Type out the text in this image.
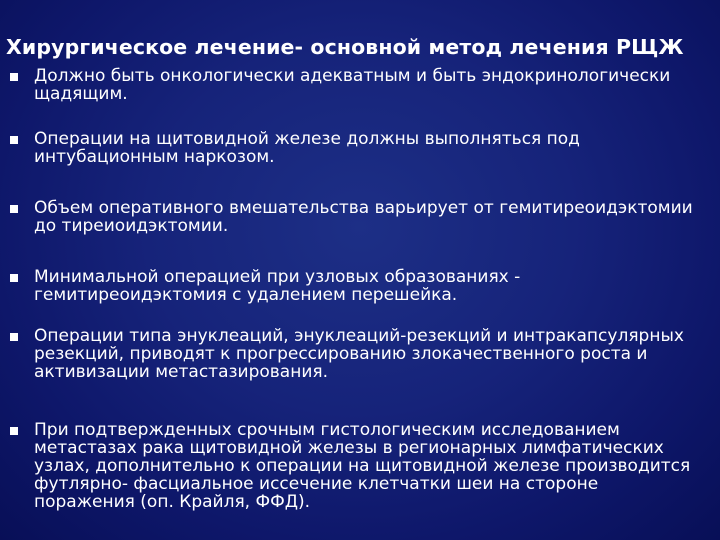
Хирургическое лечение- основной метод лечения РЩЖ
Должно быть онкологически адекватным и быть эндокринологически
щадящим.
Операции на щитовидной железе должны выполняться под
интубационным наркозом.
Объем оперативного вмешательства варьирует от гемитиреоидэктомии
до тиреиоидэктомии.
Минимальной операцией при узловых образованиях -
гемитиреоидэктомия с удалением перешейка.
Операции типа энуклеаций, энуклеаций-резекций и интракапсулярных
резекций, приводят к прогрессированию злокачественного роста и
активизации метастазирования.
При подтвержденных срочным гистологическим исследованием
метастазах рака щитовидной железы в регионарных лимфатических
узлах, дополнительно к операции на щитовидной железе производится
футлярно- фасциальное иссечение клетчатки шеи на стороне
поражения (оп. Крайля, ФФД).
